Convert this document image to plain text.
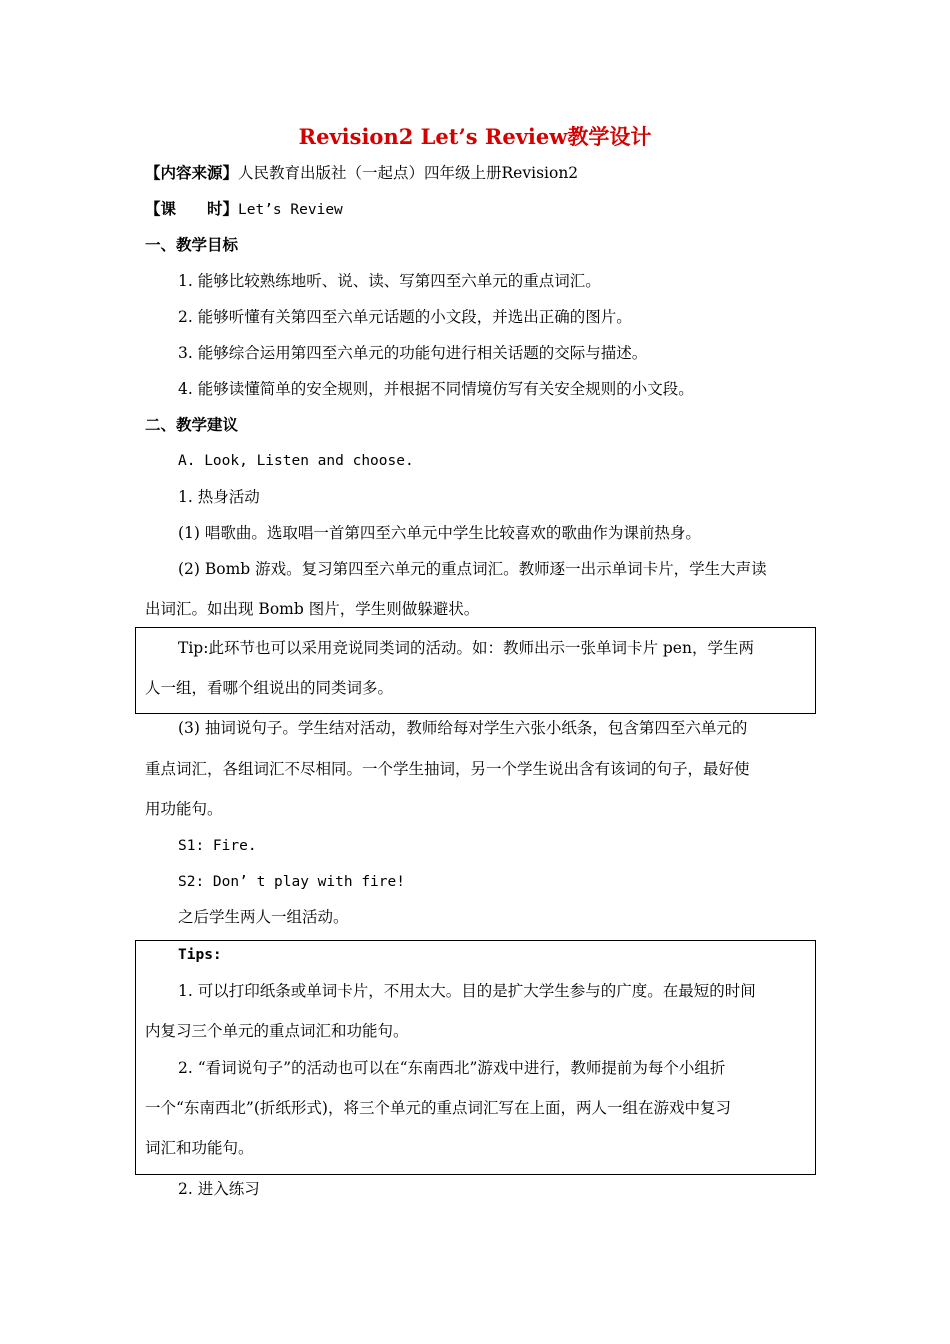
Revision2 Let’s Review教学设计
【内容来源】人民教育出版社（一起点）四年级上册Revision2
【课　　时】Let’s Review
一、教学目标
1. 能够比较熟练地听、说、读、写第四至六单元的重点词汇。
2. 能够听懂有关第四至六单元话题的小文段，并选出正确的图片。
3. 能够综合运用第四至六单元的功能句进行相关话题的交际与描述。
4. 能够读懂简单的安全规则，并根据不同情境仿写有关安全规则的小文段。
二、教学建议
A. Look, Listen and choose.
1. 热身活动
(1) 唱歌曲。选取唱一首第四至六单元中学生比较喜欢的歌曲作为课前热身。
(2) Bomb 游戏。复习第四至六单元的重点词汇。教师逐一出示单词卡片，学生大声读
出词汇。如出现 Bomb 图片，学生则做躲避状。
Tip:此环节也可以采用竞说同类词的活动。如：教师出示一张单词卡片 pen，学生两
人一组，看哪个组说出的同类词多。
(3) 抽词说句子。学生结对活动，教师给每对学生六张小纸条，包含第四至六单元的
重点词汇，各组词汇不尽相同。一个学生抽词，另一个学生说出含有该词的句子，最好使
用功能句。
S1: Fire.
S2: Don’ t play with fire!
之后学生两人一组活动。
Tips:
1. 可以打印纸条或单词卡片，不用太大。目的是扩大学生参与的广度。在最短的时间
内复习三个单元的重点词汇和功能句。
2. “看词说句子”的活动也可以在“东南西北”游戏中进行，教师提前为每个小组折
一个“东南西北”(折纸形式)，将三个单元的重点词汇写在上面，两人一组在游戏中复习
词汇和功能句。
2. 进入练习
